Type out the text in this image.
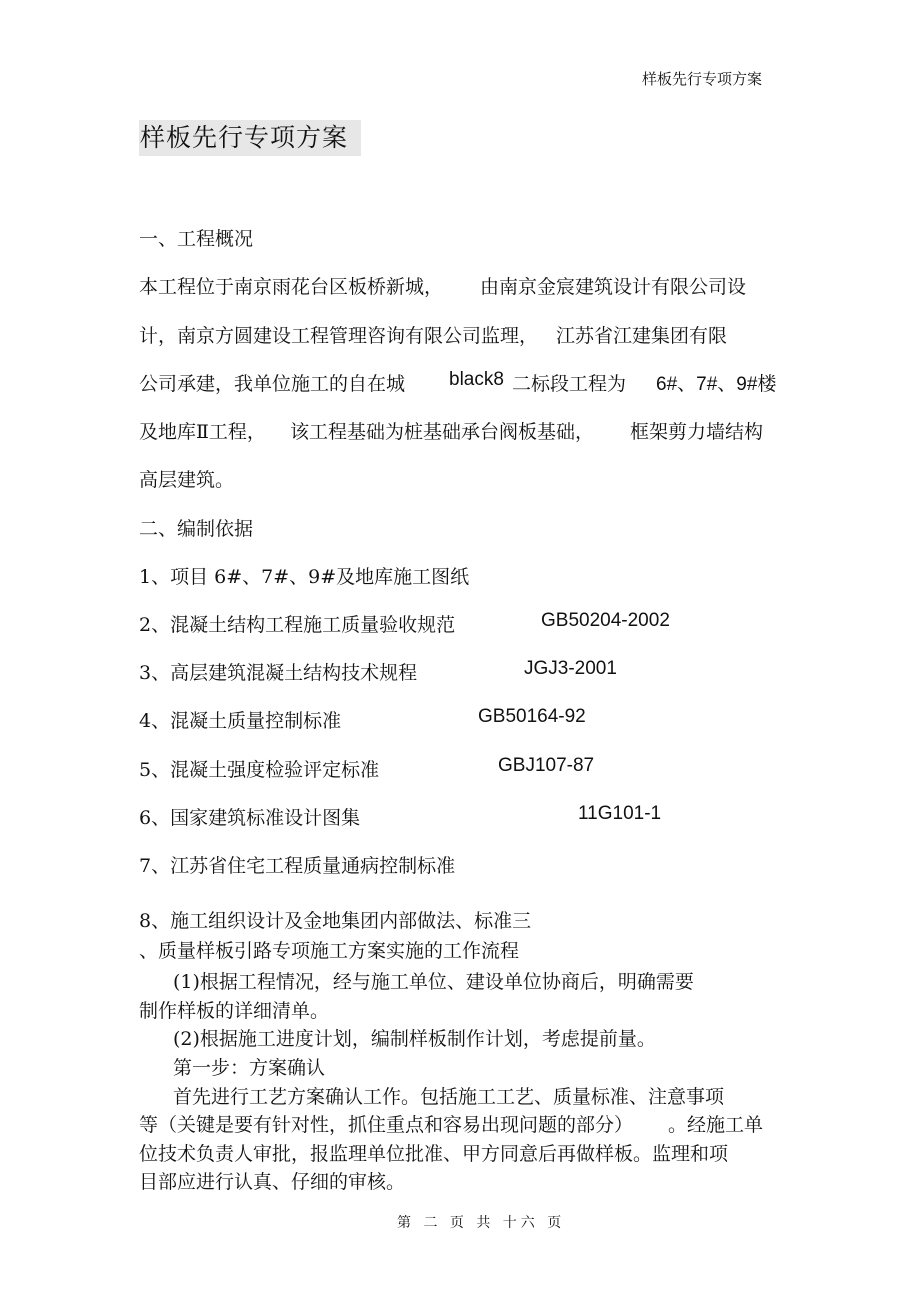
样板先行专项方案
样板先行专项方案
一、工程概况
本工程位于南京雨花台区板桥新城， 由南京金宸建筑设计有限公司设
计，南京方圆建设工程管理咨询有限公司监理， 江苏省江建集团有限
公司承建，我单位施工的自在城 black8 二标段工程为 6#、7#、9#楼
及地库Ⅱ工程， 该工程基础为桩基础承台阀板基础， 框架剪力墙结构
高层建筑。
二、编制依据
1、项目 6#、7#、9#及地库施工图纸
2、混凝土结构工程施工质量验收规范	GB50204-2002
3、高层建筑混凝土结构技术规程	JGJ3-2001
4、混凝土质量控制标准	GB50164-92
5、混凝土强度检验评定标准	GBJ107-87
6、国家建筑标准设计图集	11G101-1
7、江苏省住宅工程质量通病控制标准
8、施工组织设计及金地集团内部做法、标准三
、质量样板引路专项施工方案实施的工作流程
(1)根据工程情况，经与施工单位、建设单位协商后，明确需要
制作样板的详细清单。
(2)根据施工进度计划，编制样板制作计划，考虑提前量。
第一步：方案确认
首先进行工艺方案确认工作。包括施工工艺、质量标准、注意事项
等（关键是要有针对性，抓住重点和容易出现问题的部分） 。经施工单
位技术负责人审批，报监理单位批准、甲方同意后再做样板。监理和项
目部应进行认真、仔细的审核。
第 二 页 共 十六 页
